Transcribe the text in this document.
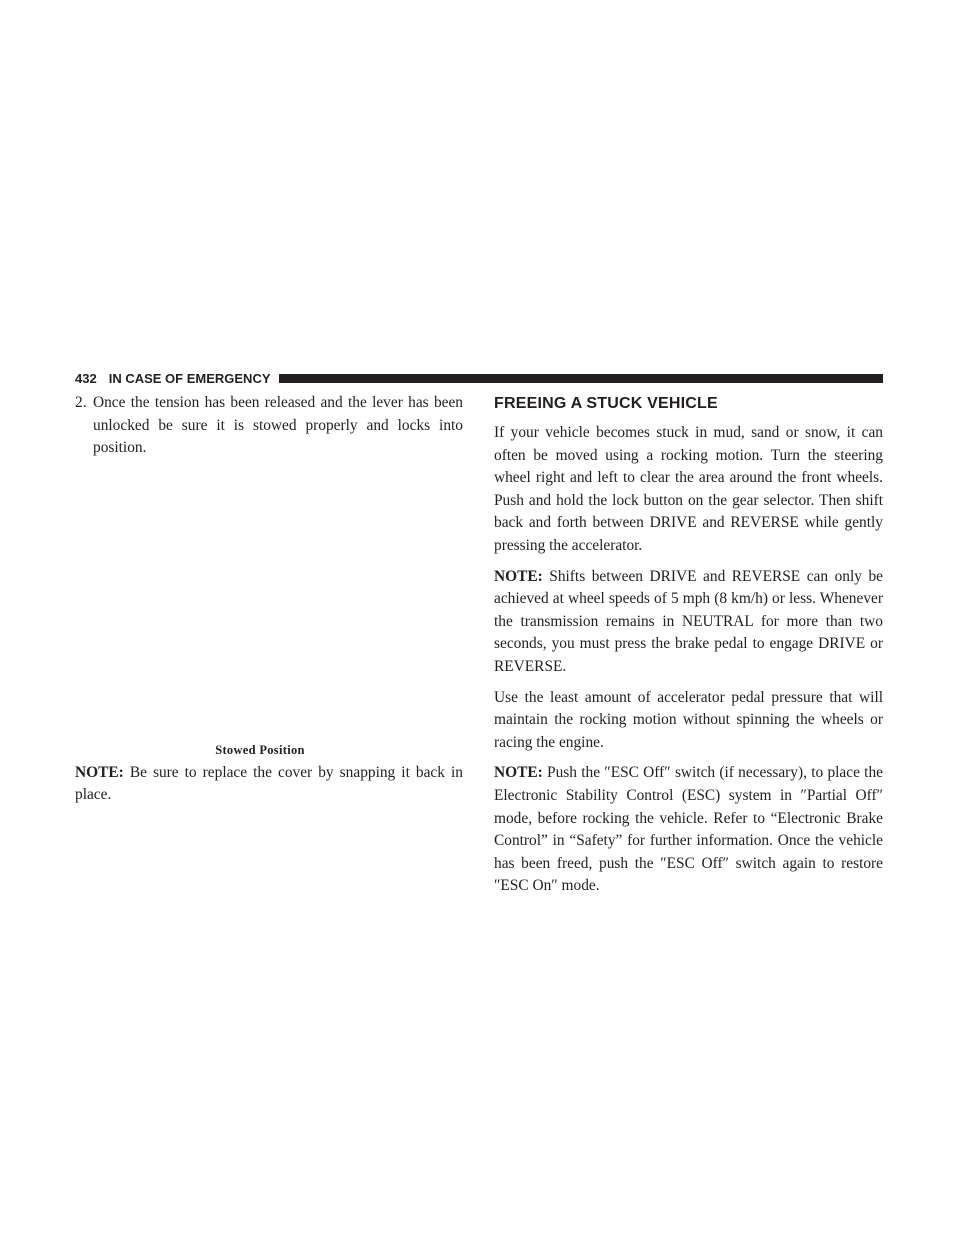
432 IN CASE OF EMERGENCY
2. Once the tension has been released and the lever has been unlocked be sure it is stowed properly and locks into position.

Stowed Position

NOTE: Be sure to replace the cover by snapping it back in place.

FREEING A STUCK VEHICLE

If your vehicle becomes stuck in mud, sand or snow, it can often be moved using a rocking motion. Turn the steering wheel right and left to clear the area around the front wheels. Push and hold the lock button on the gear selector. Then shift back and forth between DRIVE and REVERSE while gently pressing the accelerator.

NOTE: Shifts between DRIVE and REVERSE can only be achieved at wheel speeds of 5 mph (8 km/h) or less. Whenever the transmission remains in NEUTRAL for more than two seconds, you must press the brake pedal to engage DRIVE or REVERSE.

Use the least amount of accelerator pedal pressure that will maintain the rocking motion without spinning the wheels or racing the engine.

NOTE: Push the ″ESC Off″ switch (if necessary), to place the Electronic Stability Control (ESC) system in ″Partial Off″ mode, before rocking the vehicle. Refer to “Electronic Brake Control” in “Safety” for further information. Once the vehicle has been freed, push the ″ESC Off″ switch again to restore ″ESC On″ mode.
